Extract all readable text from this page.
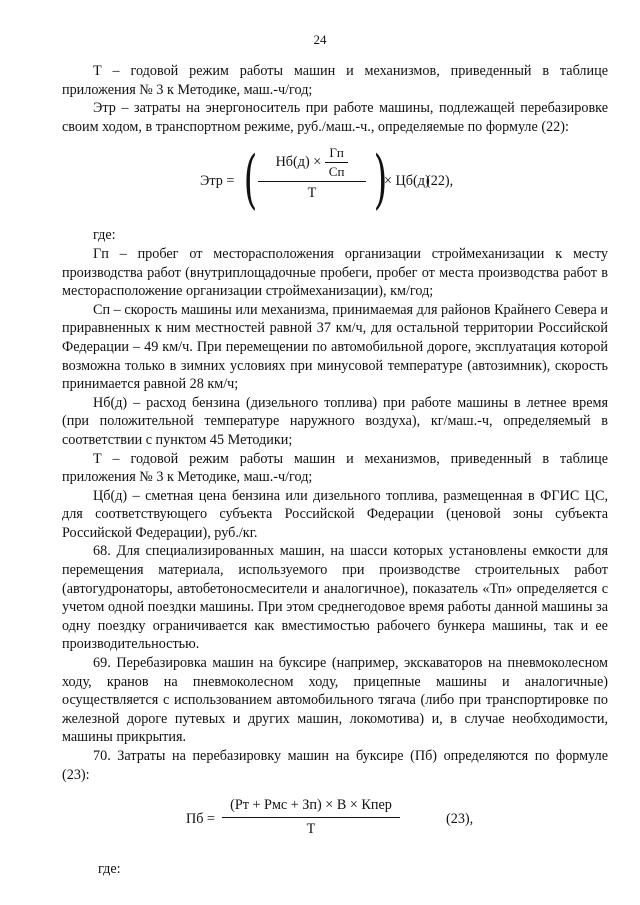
24

Т – годовой режим работы машин и механизмов, приведенный в таблице приложения № 3 к Методике, маш.-ч/год;

Этр – затраты на энергоноситель при работе машины, подлежащей перебазировке своим ходом, в транспортном режиме, руб./маш.-ч., определяемые по формуле (22):

Этр = ( $\frac{Нб(д) \times \frac{Гп}{Сп}}{Т}$ )
× Цб(д)
(22),

где:

Гп – пробег от месторасположения организации строймеханизации к месту производства работ (внутриплощадочные пробеги, пробег от места производства работ в месторасположение организации строймеханизации), км/год;

Сп – скорость машины или механизма, принимаемая для районов Крайнего Севера и приравненных к ним местностей равной 37 км/ч, для остальной территории Российской Федерации – 49 км/ч. При перемещении по автомобильной дороге, эксплуатация которой возможна только в зимних условиях при минусовой температуре (автозимник), скорость принимается равной 28 км/ч;

Нб(д) – расход бензина (дизельного топлива) при работе машины в летнее время (при положительной температуре наружного воздуха), кг/маш.-ч, определяемый в соответствии с пунктом 45 Методики;

Т – годовой режим работы машин и механизмов, приведенный в таблице приложения № 3 к Методике, маш.-ч/год;

Цб(д) – сметная цена бензина или дизельного топлива, размещенная в ФГИС ЦС, для соответствующего субъекта Российской Федерации (ценовой зоны субъекта Российской Федерации), руб./кг.

68. Для специализированных машин, на шасси которых установлены емкости для перемещения материала, используемого при производстве строительных работ (автогудронаторы, автобетоносмесители и аналогичное), показатель «Тп» определяется с учетом одной поездки машины. При этом среднегодовое время работы данной машины за одну поездку ограничивается как вместимостью рабочего бункера машины, так и ее производительностью.

69. Перебазировка машин на буксире (например, экскаваторов на пневмоколесном ходу, кранов на пневмоколесном ходу, прицепные машины и аналогичные) осуществляется с использованием автомобильного тягача (либо при транспортировке по железной дороге путевых и других машин, локомотива) и, в случае необходимости, машины прикрытия.

70. Затраты на перебазировку машин на буксире (Пб) определяются по формуле (23):

Пб = $\frac{\text{(Рт + Рмс + Зп) × В × Кпер}}{Т}$	(23),

где:
